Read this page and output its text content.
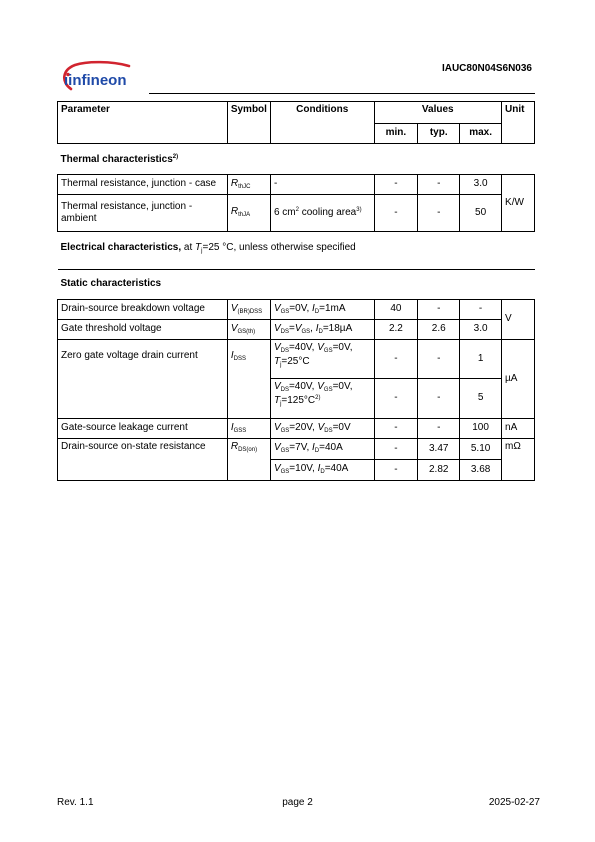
ıinfineon
IAUC80N04S6N036
Parameter	Symbol	Conditions	Values			Unit
			min.	typ.	max.	
Thermal characteristics$^{2)}$
Thermal resistance, junction - case	$R_{thJC}$	-	-	-	3.0	K/W
Thermal resistance, junction - ambient	$R_{thJA}$	6 $cm^2$ cooling area$^{3)}$	-	-	50	
Electrical characteristics, at $T_j=25$ °C, unless otherwise specified						
Static characteristics						
Drain-source breakdown voltage	$V_{(BR)DSS}$	$V_{GS}=0V$, $I_D=1mA$	40	-	-	V
Gate threshold voltage	$V_{GS(th)}$	$V_{DS}=V_{GS}$, $I_D=18\mu A$	2.2	2.6	3.0	
Zero gate voltage drain current	$I_{DSS}$	$V_{DS}=40V$, $V_{GS}=0V$,
$T_j=25^\circ C$	-	-	1	µA
		$V_{DS}=40V$, $V_{GS}=0V$,
$T_j=125^\circ C^{2)}$	-	-	5	
Gate-source leakage current	$I_{GSS}$	$V_{GS}=20V$, $V_{DS}=0V$	-	-	100	nA
Drain-source on-state resistance	$R_{DS(on)}$	$V_{GS}=7V$, $I_D=40A$	-	3.47	5.10	mΩ
		$V_{GS}=10V$, $I_D=40A$	-	2.82	3.68	
Rev. 1.1	page 2	2025-02-27
